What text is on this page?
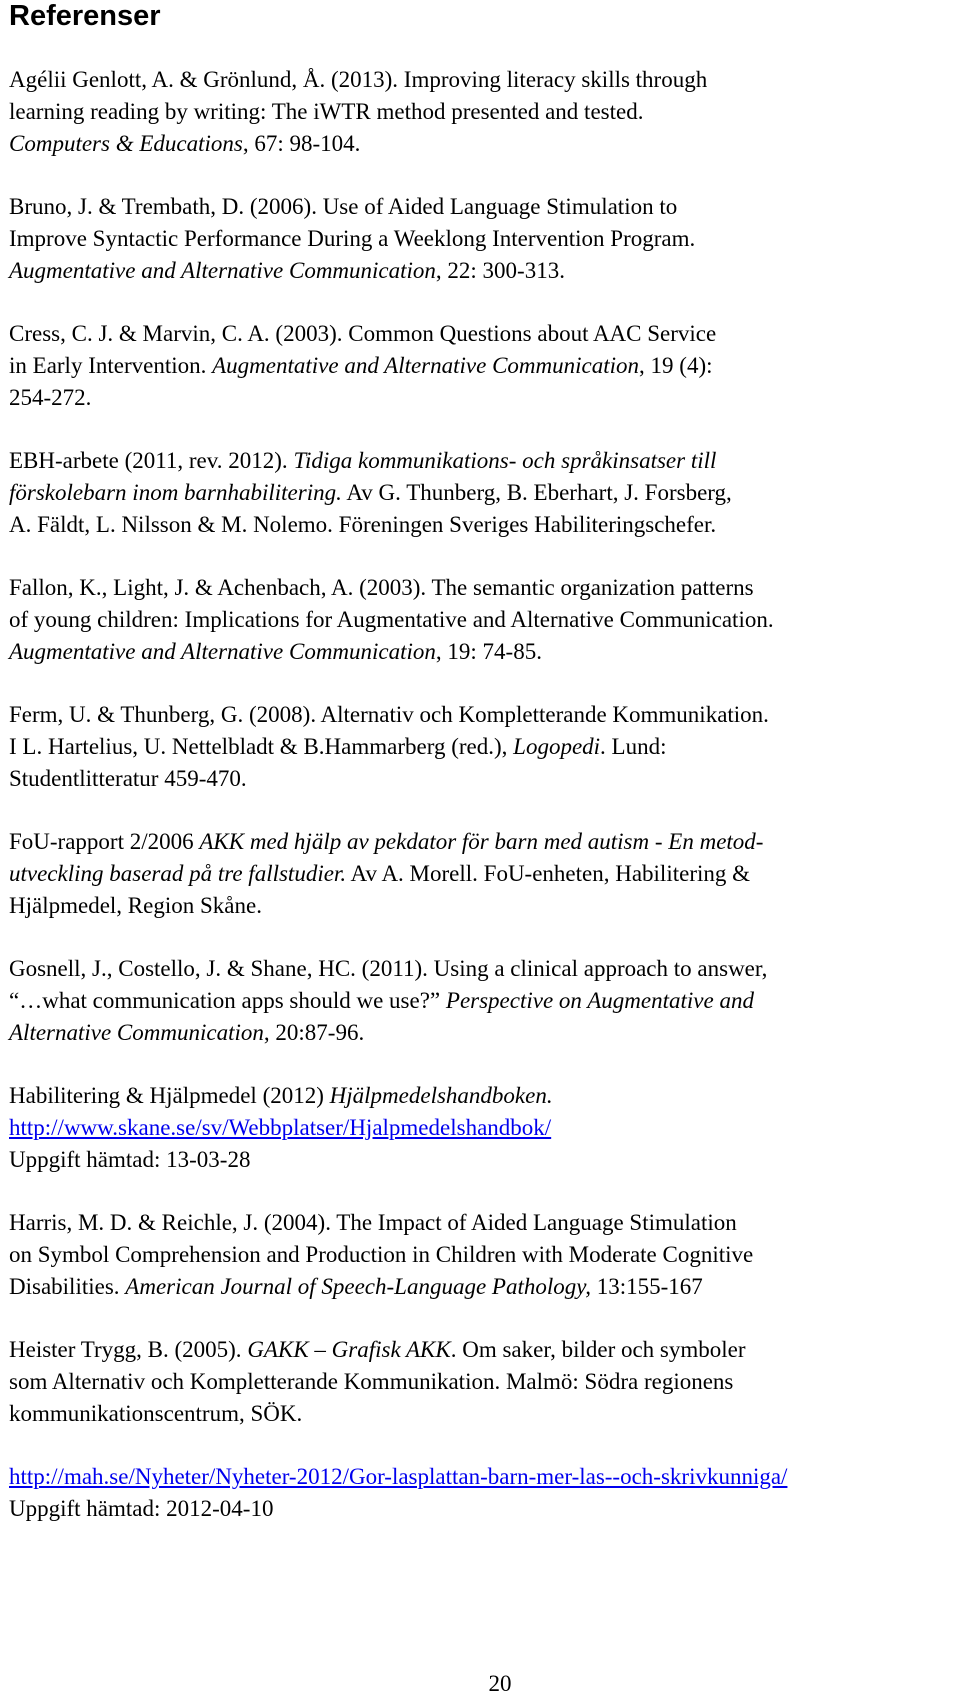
Referenser
Agélii Genlott, A. & Grönlund, Å. (2013). Improving literacy skills through
learning reading by writing: The iWTR method presented and tested.
Computers & Educations, 67: 98-104.
Bruno, J. & Trembath, D. (2006). Use of Aided Language Stimulation to
Improve Syntactic Performance During a Weeklong Intervention Program.
Augmentative and Alternative Communication, 22: 300-313.
Cress, C. J. & Marvin, C. A. (2003). Common Questions about AAC Service
in Early Intervention. Augmentative and Alternative Communication, 19 (4):
254-272.
EBH-arbete (2011, rev. 2012). Tidiga kommunikations- och språkinsatser till
förskolebarn inom barnhabilitering. Av G. Thunberg, B. Eberhart, J. Forsberg,
A. Fäldt, L. Nilsson & M. Nolemo. Föreningen Sveriges Habiliteringschefer.
Fallon, K., Light, J. & Achenbach, A. (2003). The semantic organization patterns
of young children: Implications for Augmentative and Alternative Communication.
Augmentative and Alternative Communication, 19: 74-85.
Ferm, U. & Thunberg, G. (2008). Alternativ och Kompletterande Kommunikation.
I L. Hartelius, U. Nettelbladt & B.Hammarberg (red.), Logopedi. Lund:
Studentlitteratur 459-470.
FoU-rapport 2/2006 AKK med hjälp av pekdator för barn med autism - En metod-
utveckling baserad på tre fallstudier. Av A. Morell. FoU-enheten, Habilitering &
Hjälpmedel, Region Skåne.
Gosnell, J., Costello, J. & Shane, HC. (2011). Using a clinical approach to answer,
“…what communication apps should we use?” Perspective on Augmentative and
Alternative Communication, 20:87-96.
Habilitering & Hjälpmedel (2012) Hjälpmedelshandboken.
http://www.skane.se/sv/Webbplatser/Hjalpmedelshandbok/
Uppgift hämtad: 13-03-28
Harris, M. D. & Reichle, J. (2004). The Impact of Aided Language Stimulation
on Symbol Comprehension and Production in Children with Moderate Cognitive
Disabilities. American Journal of Speech-Language Pathology, 13:155-167
Heister Trygg, B. (2005). GAKK – Grafisk AKK. Om saker, bilder och symboler
som Alternativ och Kompletterande Kommunikation. Malmö: Södra regionens
kommunikationscentrum, SÖK.
http://mah.se/Nyheter/Nyheter-2012/Gor-lasplattan-barn-mer-las--och-skrivkunniga/
Uppgift hämtad: 2012-04-10
20
